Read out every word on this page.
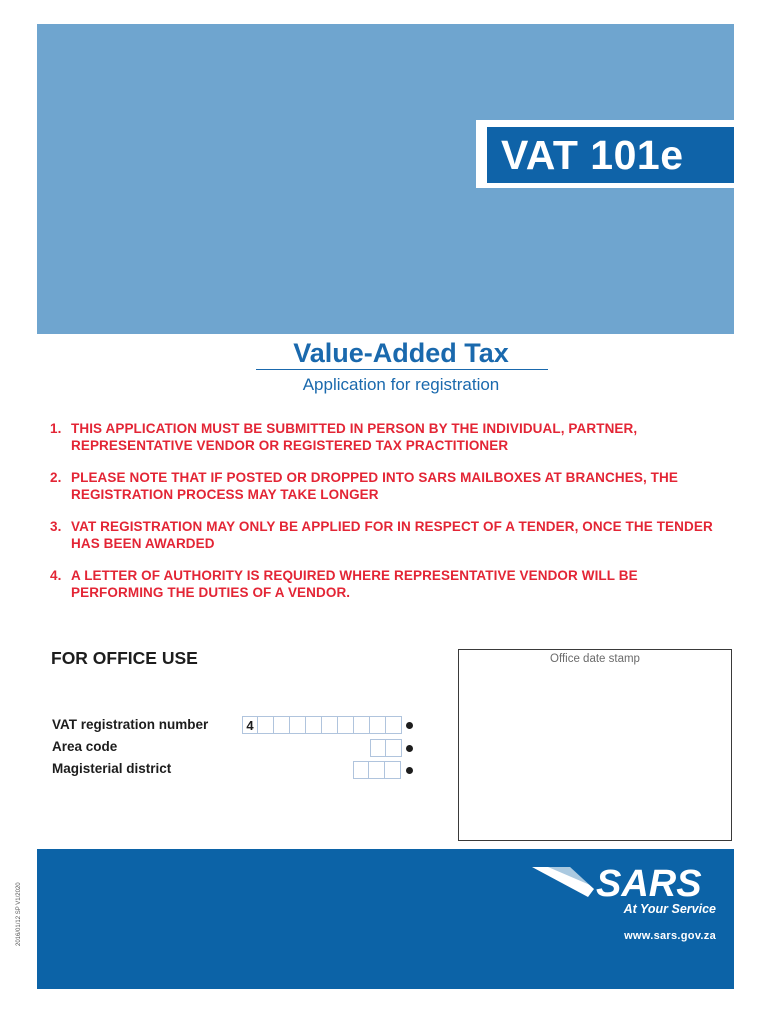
VAT 101e
Value-Added Tax
Application for registration
1. THIS APPLICATION MUST BE SUBMITTED IN PERSON BY THE INDIVIDUAL, PARTNER, REPRESENTATIVE VENDOR OR REGISTERED TAX PRACTITIONER
2. PLEASE NOTE THAT IF POSTED OR DROPPED INTO SARS MAILBOXES AT BRANCHES, THE REGISTRATION PROCESS MAY TAKE LONGER
3. VAT REGISTRATION MAY ONLY BE APPLIED FOR IN RESPECT OF A TENDER, ONCE THE TENDER HAS BEEN AWARDED
4. A LETTER OF AUTHORITY IS REQUIRED WHERE REPRESENTATIVE VENDOR WILL BE PERFORMING THE DUTIES OF A VENDOR.
FOR OFFICE USE	Office date stamp
VAT registration number	4
Area code
Magisterial district
2016/01/12 SP V1/2020	SARS
At Your Service
www.sars.gov.za
